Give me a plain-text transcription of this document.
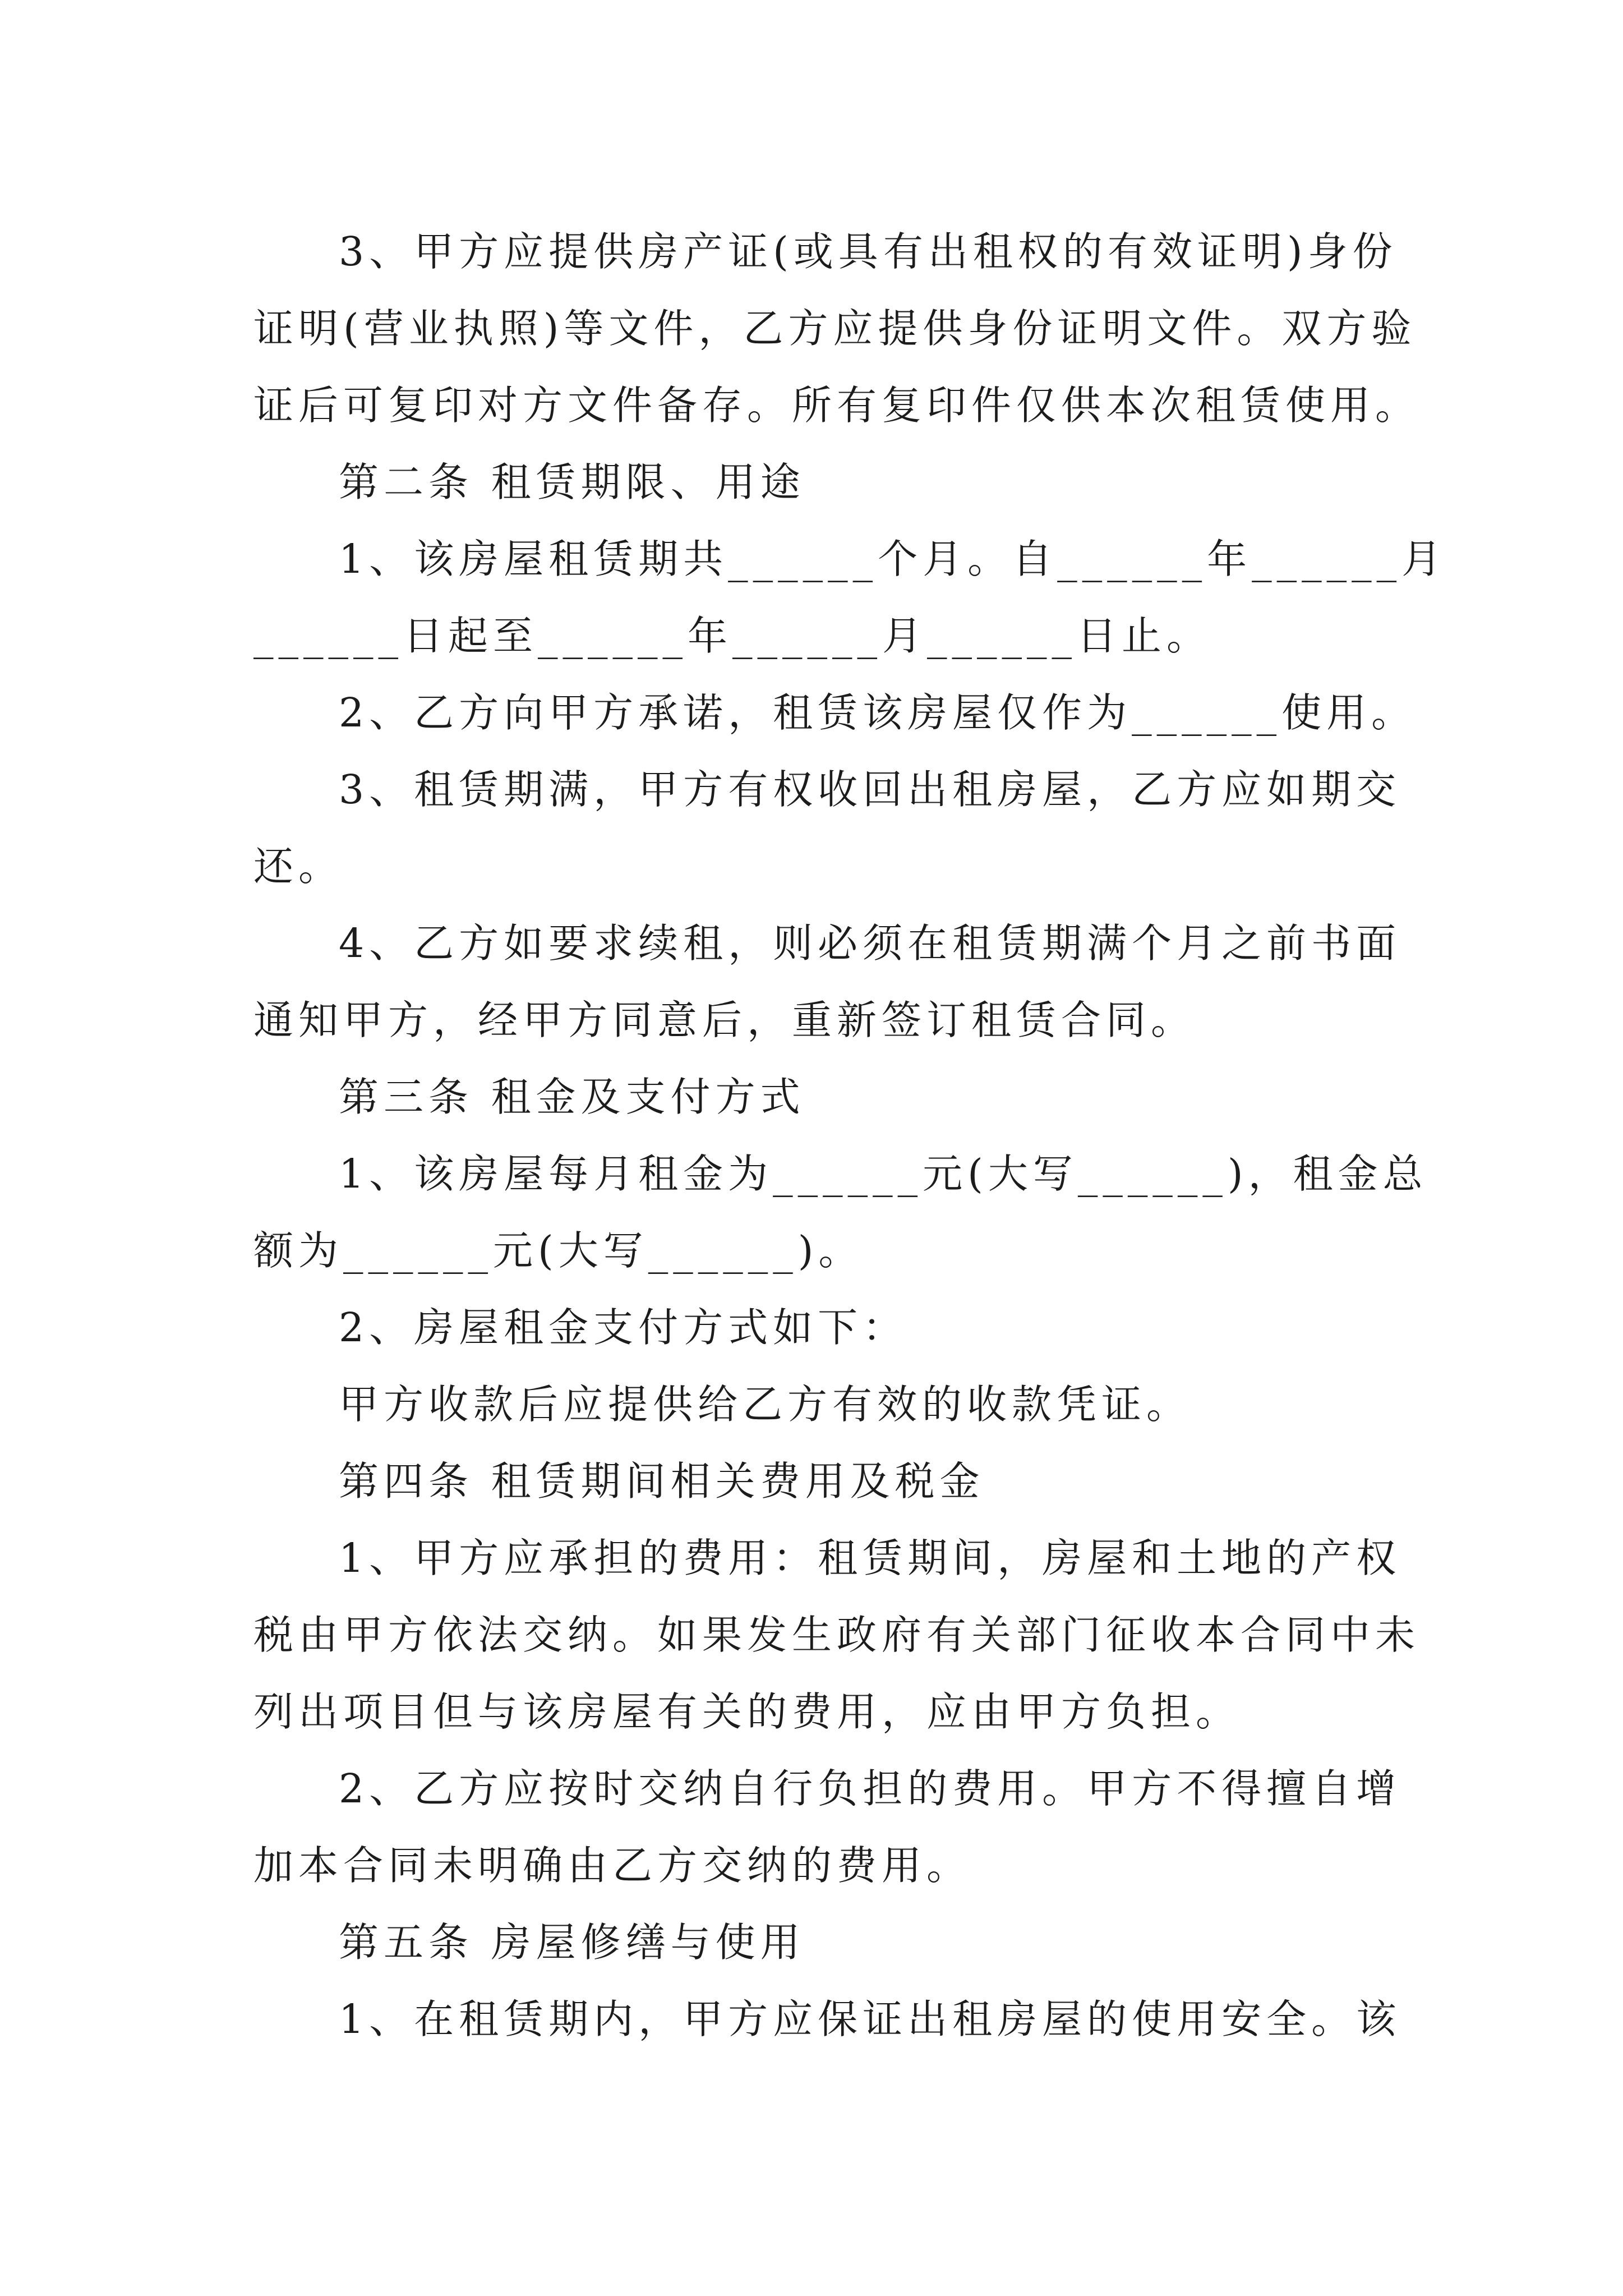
3、甲方应提供房产证(或具有出租权的有效证明)身份
证明(营业执照)等文件，乙方应提供身份证明文件。双方验
证后可复印对方文件备存。所有复印件仅供本次租赁使用。
第二条 租赁期限、用途
1、该房屋租赁期共______个月。自______年______月
______日起至______年______月______日止。
2、乙方向甲方承诺，租赁该房屋仅作为______使用。
3、租赁期满，甲方有权收回出租房屋，乙方应如期交
还。
4、乙方如要求续租，则必须在租赁期满个月之前书面
通知甲方，经甲方同意后，重新签订租赁合同。
第三条 租金及支付方式
1、该房屋每月租金为______元(大写______)，租金总
额为______元(大写______)。
2、房屋租金支付方式如下：
甲方收款后应提供给乙方有效的收款凭证。
第四条 租赁期间相关费用及税金
1、甲方应承担的费用：租赁期间，房屋和土地的产权
税由甲方依法交纳。如果发生政府有关部门征收本合同中未
列出项目但与该房屋有关的费用，应由甲方负担。
2、乙方应按时交纳自行负担的费用。甲方不得擅自增
加本合同未明确由乙方交纳的费用。
第五条 房屋修缮与使用
1、在租赁期内，甲方应保证出租房屋的使用安全。该
